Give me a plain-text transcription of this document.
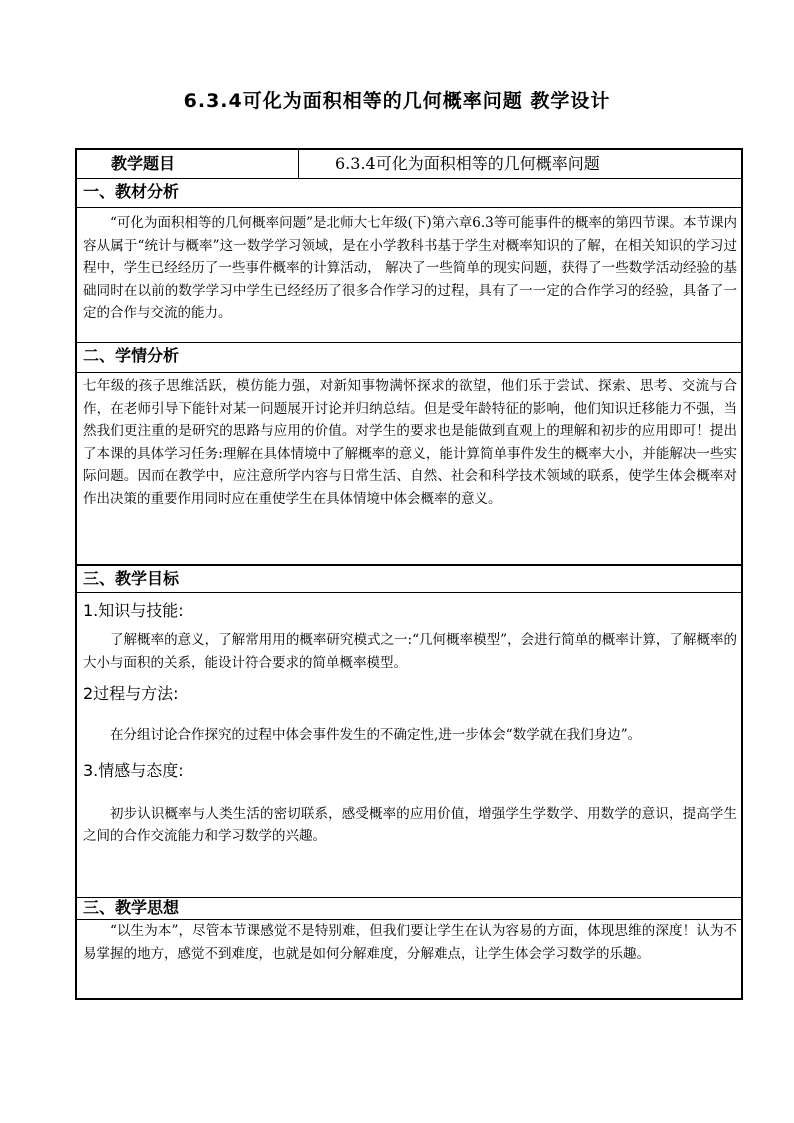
6.3.4可化为面积相等的几何概率问题 教学设计
教学题目	6.3.4可化为面积相等的几何概率问题
一、教材分析
“可化为面积相等的几何概率问题”是北师大七年级(下)第六章6.3等可能事件的概率的第四节课。本节课内容从属于“统计与概率”这一数学学习领域，是在小学教科书基于学生对概率知识的了解，在相关知识的学习过程中，学生已经经历了一些事件概率的计算活动， 解决了一些简单的现实问题，获得了一些数学活动经验的基础同时在以前的数学学习中学生已经经历了很多合作学习的过程，具有了一一定的合作学习的经验，具备了一定的合作与交流的能力。
二、学情分析
七年级的孩子思维活跃，模仿能力强，对新知事物满怀探求的欲望，他们乐于尝试、探索、思考、交流与合作，在老师引导下能针对某一问题展开讨论并归纳总结。但是受年龄特征的影响，他们知识迁移能力不强，当然我们更注重的是研究的思路与应用的价值。对学生的要求也是能做到直观上的理解和初步的应用即可！提出了本课的具体学习任务:理解在具体情境中了解概率的意义，能计算简单事件发生的概率大小，并能解决一些实际问题。因而在教学中，应注意所学内容与日常生活、自然、社会和科学技术领域的联系，使学生体会概率对作出决策的重要作用同时应在重使学生在具体情境中体会概率的意义。
三、教学目标
1.知识与技能:
了解概率的意义，了解常用用的概率研究模式之一:“几何概率模型”，会进行简单的概率计算，了解概率的大小与面积的关系，能设计符合要求的简单概率模型。
2过程与方法:
在分组讨论合作探究的过程中体会事件发生的不确定性,进一步体会“数学就在我们身边”。
3.情感与态度:
初步认识概率与人类生活的密切联系，感受概率的应用价值，增强学生学数学、用数学的意识，提高学生之间的合作交流能力和学习数学的兴趣。
三、教学思想
“以生为本”，尽管本节课感觉不是特别难，但我们要让学生在认为容易的方面，体现思维的深度！认为不易掌握的地方，感觉不到难度，也就是如何分解难度，分解难点，让学生体会学习数学的乐趣。
